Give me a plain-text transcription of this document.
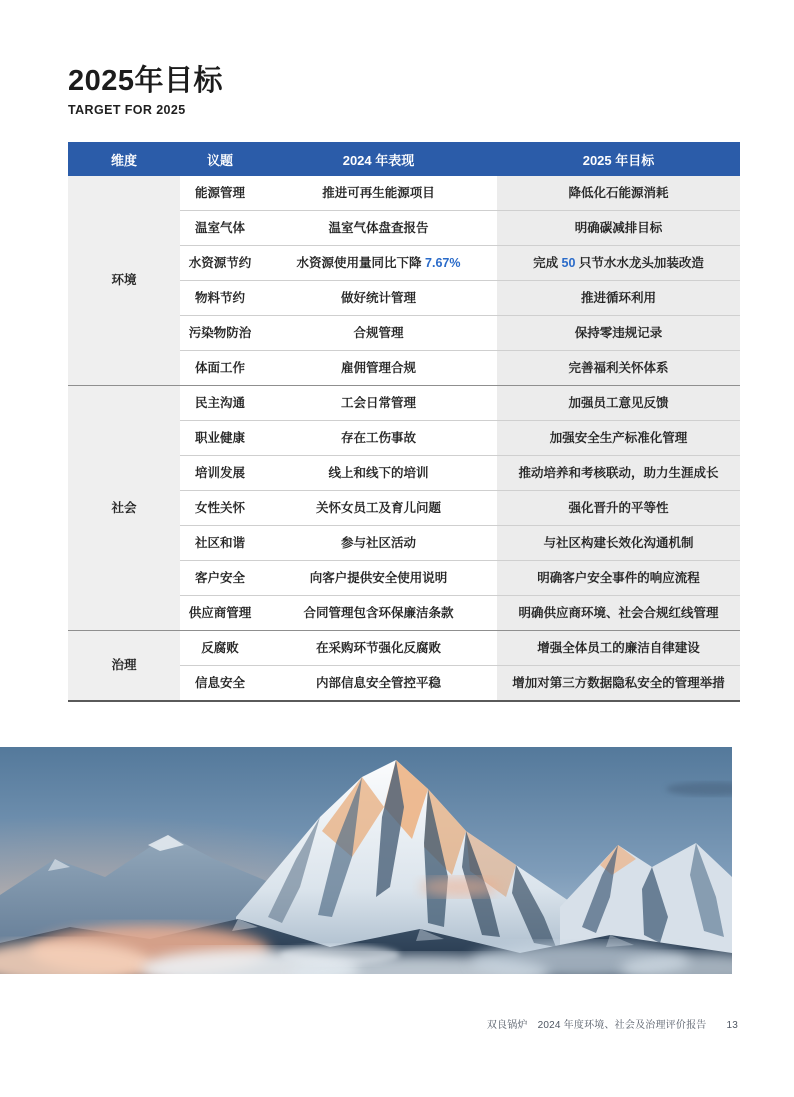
2025年目标
TARGET FOR 2025
维度	议题	2024 年表现	2025 年目标
环境	能源管理	推进可再生能源项目	降低化石能源消耗
	温室气体	温室气体盘查报告	明确碳减排目标
	水资源节约	水资源使用量同比下降 7.67%	完成 50 只节水水龙头加装改造
	物料节约	做好统计管理	推进循环利用
	污染物防治	合规管理	保持零违规记录
	体面工作	雇佣管理合规	完善福利关怀体系
社会	民主沟通	工会日常管理	加强员工意见反馈
	职业健康	存在工伤事故	加强安全生产标准化管理
	培训发展	线上和线下的培训	推动培养和考核联动，助力生涯成长
	女性关怀	关怀女员工及育儿问题	强化晋升的平等性
	社区和谐	参与社区活动	与社区构建长效化沟通机制
	客户安全	向客户提供安全使用说明	明确客户安全事件的响应流程
	供应商管理	合同管理包含环保廉洁条款	明确供应商环境、社会合规红线管理
治理	反腐败	在采购环节强化反腐败	增强全体员工的廉洁自律建设
	信息安全	内部信息安全管控平稳	增加对第三方数据隐私安全的管理举措
双良锅炉 2024 年度环境、社会及治理评价报告 13
